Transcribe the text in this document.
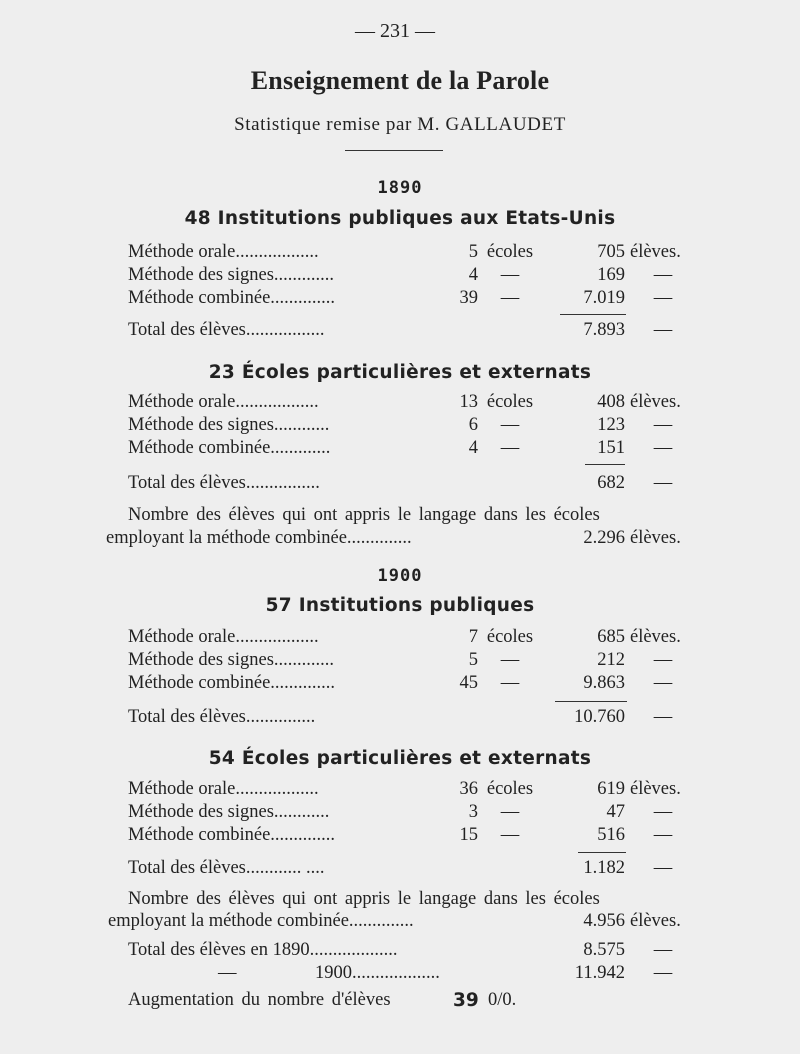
— 231 —
Enseignement de la Parole
Statistique remise par M. GALLAUDET
1890
48 Institutions publiques aux Etats-Unis
Méthode orale..................	5 écoles	705 élèves.
Méthode des signes.............	4	—	169	—
Méthode combinée..............	39	—	7.019	—
Total des élèves.................	7.893	—
23 Écoles particulières et externats
Méthode orale..................	13 écoles	408 élèves.
Méthode des signes............	6	—	123	—
Méthode combinée.............	4	—	151	—
Total des élèves................	682	—
Nombre des élèves qui ont appris le langage dans les écoles
employant la méthode combinée..............	2.296 élèves.
1900
57 Institutions publiques
Méthode orale..................	7 écoles	685 élèves.
Méthode des signes.............	5	—	212	—
Méthode combinée..............	45	—	9.863	—
Total des élèves...............	10.760	—
54 Écoles particulières et externats
Méthode orale..................	36 écoles	619 élèves.
Méthode des signes............	3	—	47	—
Méthode combinée..............	15	—	516	—
Total des élèves............ ....	1.182	—
Nombre des élèves qui ont appris le langage dans les écoles
employant la méthode combinée..............	4.956 élèves.
Total des élèves en 1890...................	8.575	—
—	1900...................	11.942	—
Augmentation du nombre d'élèves	39 0/0.
